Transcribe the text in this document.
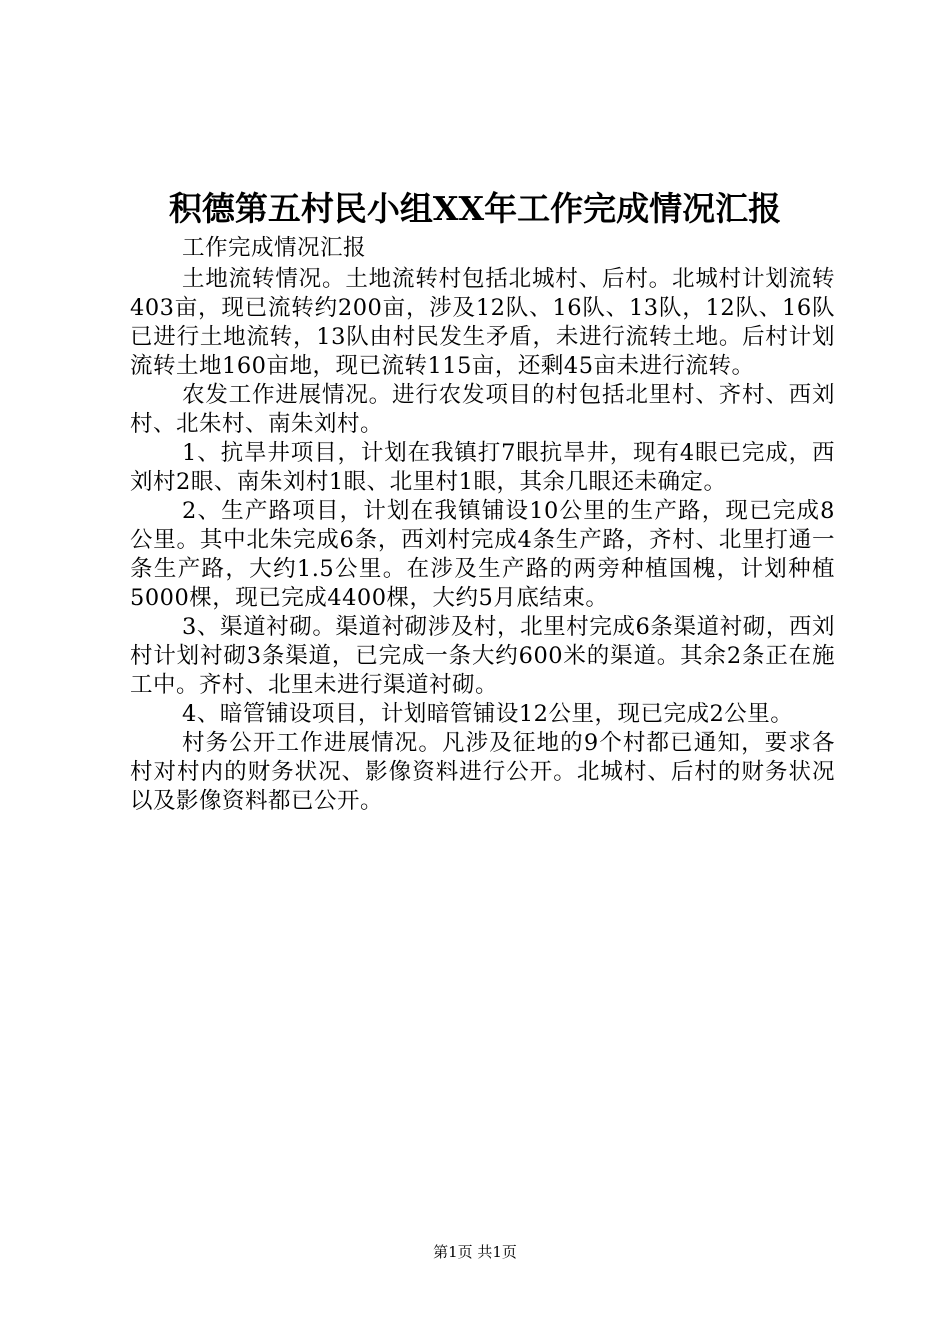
积德第五村民小组XX年工作完成情况汇报

工作完成情况汇报

土地流转情况。土地流转村包括北城村、后村。北城村计划流转403亩，现已流转约200亩，涉及12队、16队、13队，12队、16队已进行土地流转，13队由村民发生矛盾，未进行流转土地。后村计划流转土地160亩地，现已流转115亩，还剩45亩未进行流转。

农发工作进展情况。进行农发项目的村包括北里村、齐村、西刘村、北朱村、南朱刘村。

1、抗旱井项目，计划在我镇打7眼抗旱井，现有4眼已完成，西刘村2眼、南朱刘村1眼、北里村1眼，其余几眼还未确定。

2、生产路项目，计划在我镇铺设10公里的生产路，现已完成8公里。其中北朱完成6条，西刘村完成4条生产路，齐村、北里打通一条生产路，大约1.5公里。在涉及生产路的两旁种植国槐，计划种植5000棵，现已完成4400棵，大约5月底结束。

3、渠道衬砌。渠道衬砌涉及村，北里村完成6条渠道衬砌，西刘村计划衬砌3条渠道，已完成一条大约600米的渠道。其余2条正在施工中。齐村、北里未进行渠道衬砌。

4、暗管铺设项目，计划暗管铺设12公里，现已完成2公里。

村务公开工作进展情况。凡涉及征地的9个村都已通知，要求各村对村内的财务状况、影像资料进行公开。北城村、后村的财务状况以及影像资料都已公开。

第1页 共1页
